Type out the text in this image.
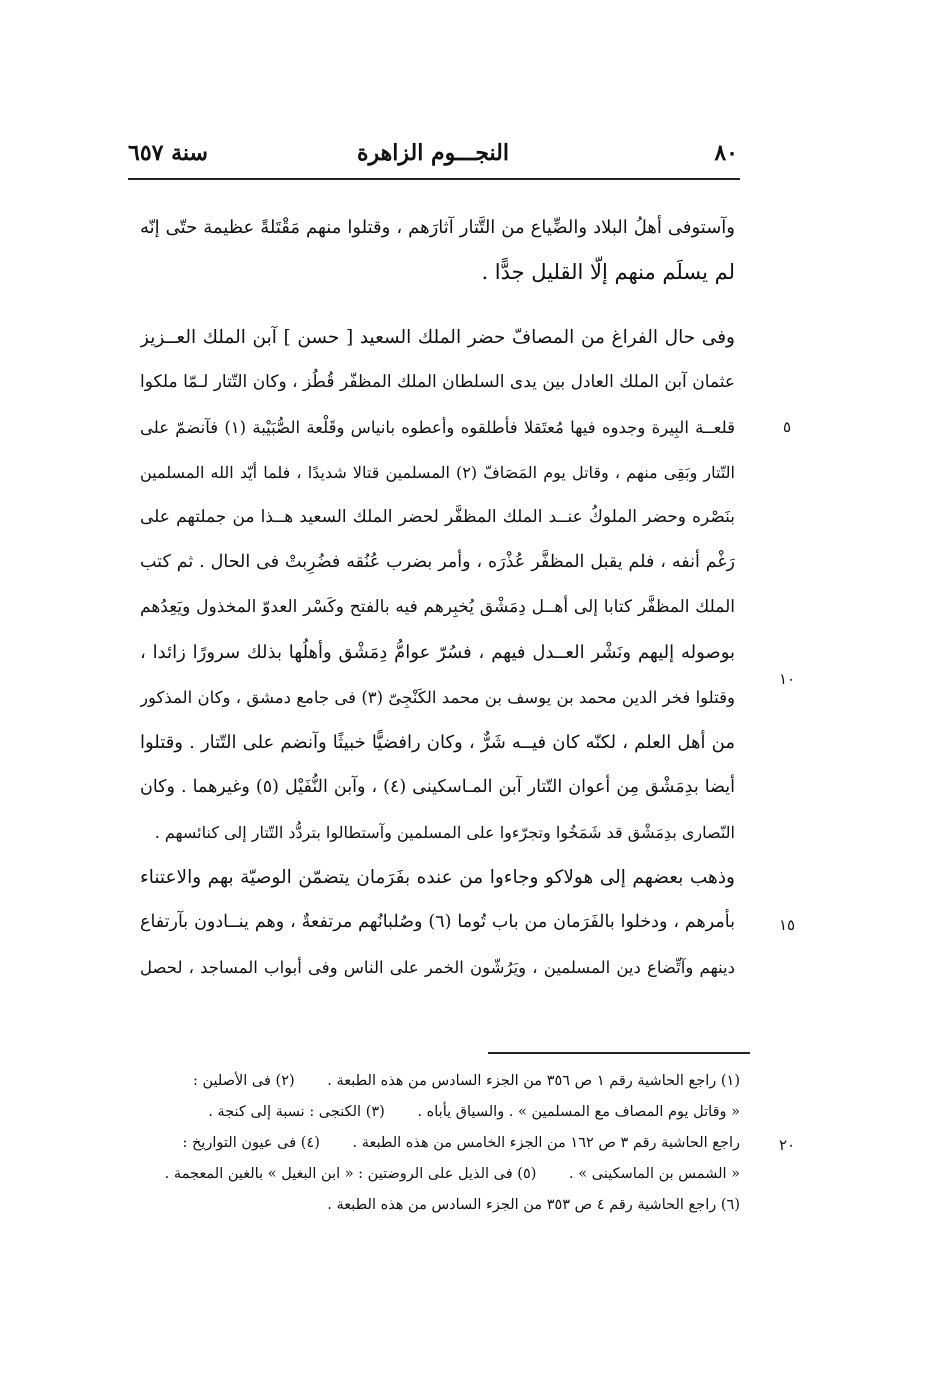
٨٠
النجـــوم الزاهرة
سنة ٦٥٧
وآستوفى أهلُ البلاد والضِّياع من التَّتار آثارَهم ، وقتلوا منهم مَقْتَلةً عظيمة حتّى إنّه
لم يسلَم منهم إلّا القليل جدًّا .
وفى حال الفراغ من المصافّ حضر الملك السعيد [ حسن ] آبن الملك العــزيز
عثمان آبن الملك العادل بين يدى السلطان الملك المظفّر قُطُز ، وكان التّتار لـمّا ملكوا
قلعــة البِيرة وجدوه فيها مُعتَقلا فأطلقوه وأعطوه بانياس وقَلْعة الصُّبَيْبة (١) فآنضمّ على
التّتار وبَقِى منهم ، وقاتل يوم المَصَافّ (٢) المسلمين قتالا شديدًا ، فلما أيّد الله المسلمين
بنَصْره وحضر الملوكُ عنــد الملك المظفَّر لحضر الملك السعيد هــذا من جملتهم على
رَغْم أنفه ، فلم يقبل المظفَّر عُذْرَه ، وأمر بضرب عُنُقه فضُرِبتْ فى الحال . ثم كتب
الملك المظفَّر كتابا إلى أهــل دِمَشْق يُخبِرهم فيه بالفتح وكَسْر العدوّ المخذول ويَعِدُهم
بوصوله إليهم ونَشْر العــدل فيهم ، فسُرّ عوامُّ دِمَشْق وأهلُها بذلك سرورًا زائدا ،
وقتلوا فخر الدين محمد بن يوسف بن محمد الكَنْجِىّ (٣) فى جامع دمشق ، وكان المذكور
من أهل العلم ، لكنّه كان فيــه شَرٌّ ، وكان رافضيًّا خبيثًا وآنضم على التّتار . وقتلوا
أيضا بدِمَشْق مِن أعوان التّتار آبن المـاسكينى (٤) ، وآبن النُّفَيْل (٥) وغيرهما . وكان
النّصارى بدِمَشْق قد شَمَخُوا وتجرّءوا على المسلمين وآستطالوا بتردُّد التّتار إلى كنائسهم .
وذهب بعضهم إلى هولاكو وجاءوا من عنده بفَرَمان يتضمّن الوصيّة بهم والاعتناء
بأمرهم ، ودخلوا بالفَرَمان من باب تُوما (٦) وصُلبانُهم مرتفعةٌ ، وهم ينــادون بآرتفاع
دينهم وآتِّضاع دين المسلمين ، ويَرُشّون الخمر على الناس وفى أبواب المساجد ، لحصل
٥
١٠
١٥
٢٠
(١) راجع الحاشية رقم ١ ص ٣٥٦ من الجزء السادس من هذه الطبعة . (٢) فى الأصلين :
« وقاتل يوم المصاف مع المسلمين » . والسياق يأباه . (٣) الكنجى : نسبة إلى كنجة .
راجع الحاشية رقم ٣ ص ١٦٢ من الجزء الخامس من هذه الطبعة . (٤) فى عيون التواريخ :
« الشمس بن الماسكينى » . (٥) فى الذيل على الروضتين : « ابن البغيل » بالغين المعجمة .
(٦) راجع الحاشية رقم ٤ ص ٣٥٣ من الجزء السادس من هذه الطبعة .
